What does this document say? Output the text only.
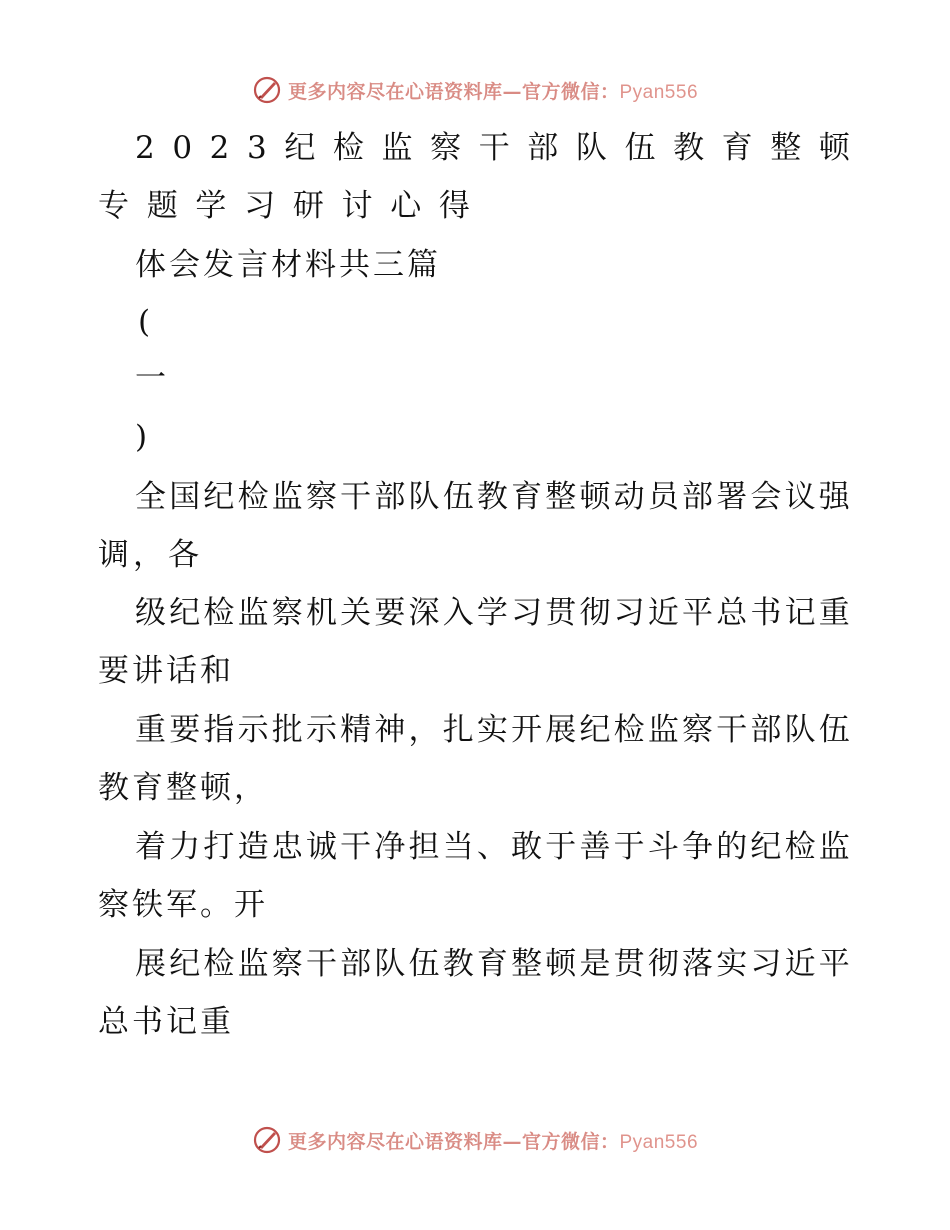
更多内容尽在心语资料库—官方微信：Pyan556
2 0 2 3 纪 检 监 察 干 部 队 伍 教 育 整 顿
专 题 学 习 研 讨 心 得
体会发言材料共三篇
(
一
)
全 国 纪 检 监 察 干 部 队 伍 教 育 整 顿 动 员 部 署 会 议 强
调，各
级 纪 检 监 察 机 关 要 深 入 学 习 贯 彻 习 近 平 总 书 记 重
要讲话和
重 要 指 示 批 示 精 神 ， 扎 实 开 展 纪 检 监 察 干 部 队 伍
教育整顿，
着 力 打 造 忠 诚 干 净 担 当 、 敢 于 善 于 斗 争 的 纪 检 监
察铁军。开
展 纪 检 监 察 干 部 队 伍 教 育 整 顿 是 贯 彻 落 实 习 近 平
总书记重
更多内容尽在心语资料库—官方微信：Pyan556
